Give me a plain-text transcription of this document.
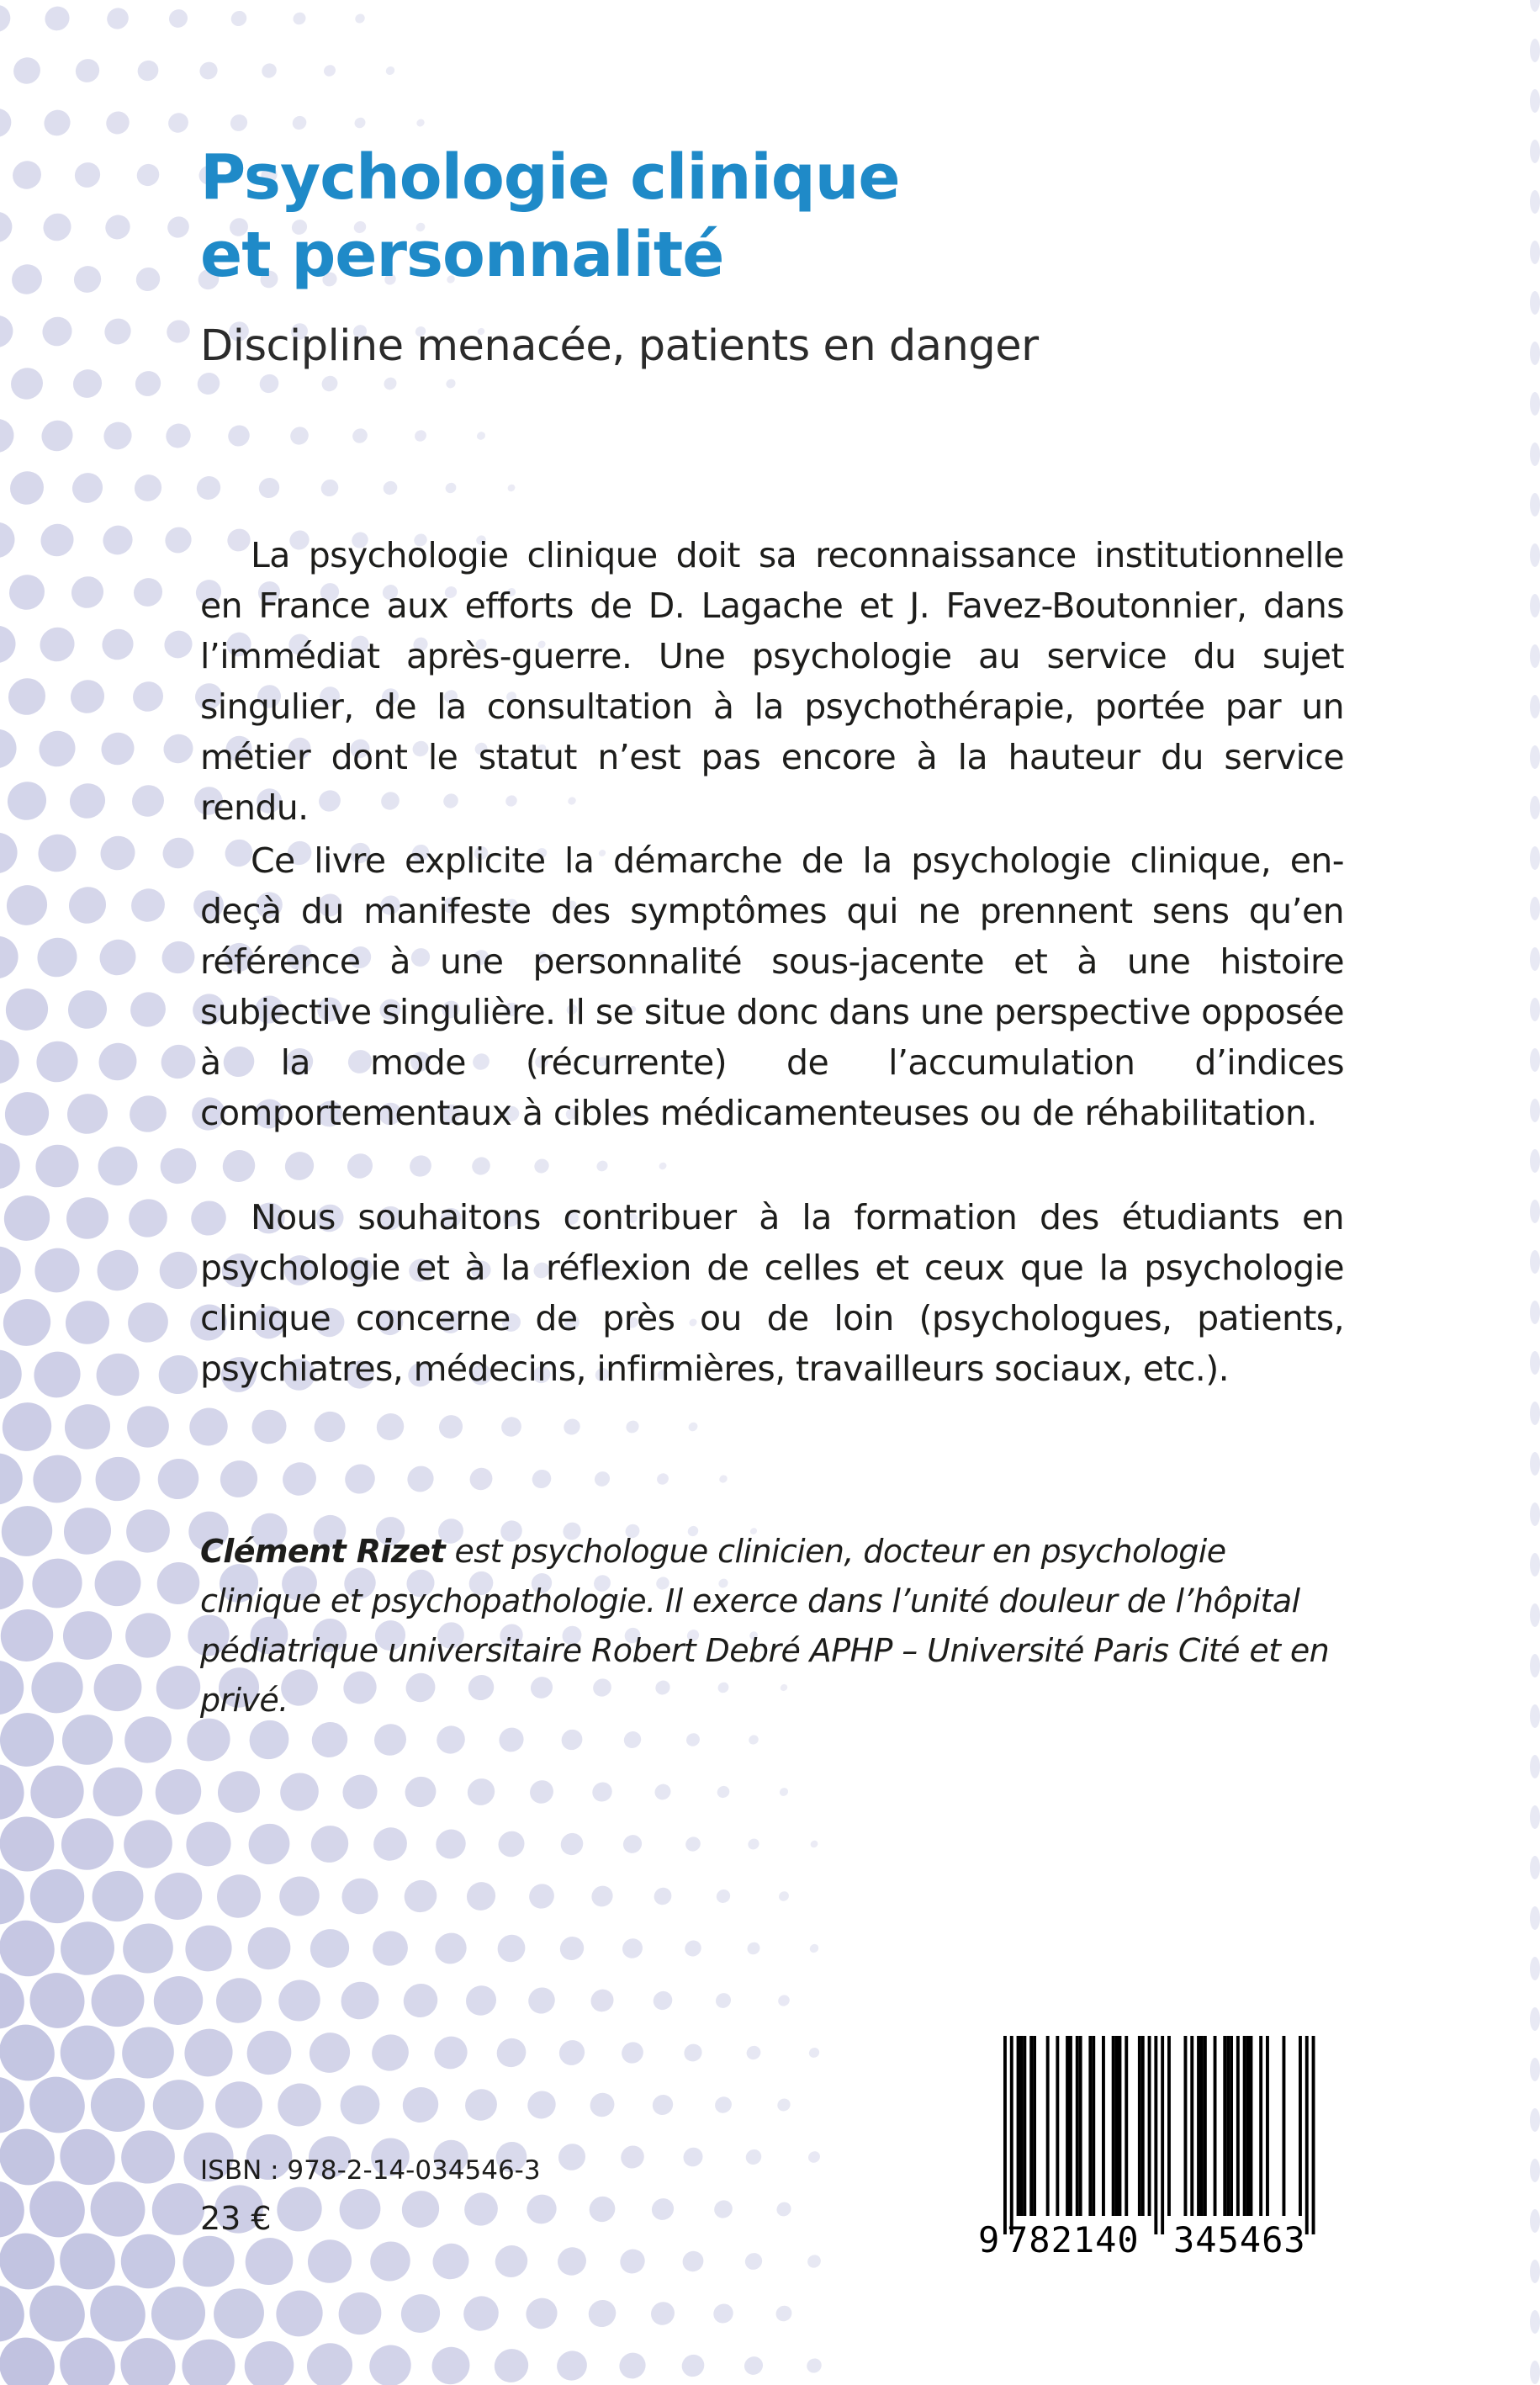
Psychologie clinique
et personnalité
Discipline menacée, patients en danger

La psychologie clinique doit sa reconnaissance institutionnelle en France aux efforts de D. Lagache et J. Favez-Boutonnier, dans l’immédiat après-guerre. Une psychologie au service du sujet singulier, de la consultation à la psychothérapie, portée par un métier dont le statut n’est pas encore à la hauteur du service rendu.

Ce livre explicite la démarche de la psychologie clinique, en-deçà du manifeste des symptômes qui ne prennent sens qu’en référence à une personnalité sous-jacente et à une histoire subjective singulière. Il se situe donc dans une perspective opposée à la mode (récurrente) de l’accumulation d’indices comportementaux à cibles médicamenteuses ou de réhabilitation.

Nous souhaitons contribuer à la formation des étudiants en psychologie et à la réflexion de celles et ceux que la psychologie clinique concerne de près ou de loin (psychologues, patients, psychiatres, médecins, infirmières, travailleurs sociaux, etc.).

Clément Rizet est psychologue clinicien, docteur en psychologie clinique et psychopathologie. Il exerce dans l’unité douleur de l’hôpital pédiatrique universitaire Robert Debré APHP – Université Paris Cité et en privé.

ISBN : 978-2-14-034546-3
23 €
9 782140 345463
